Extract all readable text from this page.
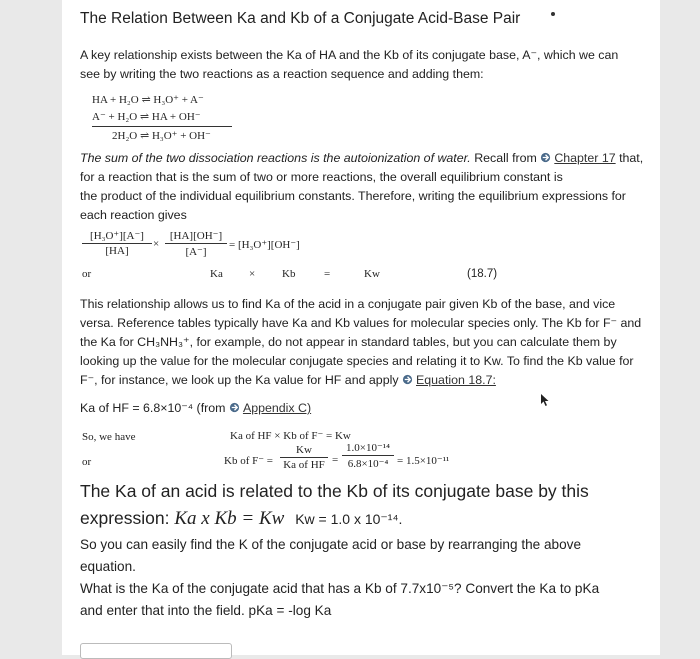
The Relation Between Ka and Kb of a Conjugate Acid-Base Pair
A key relationship exists between the Ka of HA and the Kb of its conjugate base, A⁻, which we can
see by writing the two reactions as a reaction sequence and adding them:
HA + H₂O ⇌ H₃O⁺ + A⁻
A⁻ + H₂O ⇌ HA + OH⁻
2H₂O ⇌ H₃O⁺ + OH⁻
The sum of the two dissociation reactions is the autoionization of water. Recall from Chapter 17 that,
for a reaction that is the sum of two or more reactions, the overall equilibrium constant is
the product of the individual equilibrium constants. Therefore, writing the equilibrium expressions for
each reaction gives
[H₃O⁺][A⁻]
[HA]
×
[HA][OH⁻]
[A⁻]
= [H₃O⁺][OH⁻]
or	Ka × Kb	=	Kw	(18.7)
This relationship allows us to find Ka of the acid in a conjugate pair given Kb of the base, and vice
versa. Reference tables typically have Ka and Kb values for molecular species only. The Kb for F⁻ and
the Ka for CH₃NH₃⁺, for example, do not appear in standard tables, but you can calculate them by
looking up the value for the molecular conjugate species and relating it to Kw. To find the Kb value for
F⁻, for instance, we look up the Ka value for HF and apply Equation 18.7:
Ka of HF = 6.8×10⁻⁴ (from Appendix C)
So, we have	Ka of HF × Kb of F⁻ = Kw
or	Kb of F⁻ =
Kw
Ka of HF =
1.0×10⁻¹⁴
6.8×10⁻⁴ = 1.5×10⁻¹¹
The Ka of an acid is related to the Kb of its conjugate base by this
expression: Ka x Kb = Kw Kw = 1.0 x 10⁻¹⁴.
So you can easily find the K of the conjugate acid or base by rearranging the above
equation.
What is the Ka of the conjugate acid that has a Kb of 7.7x10⁻⁵? Convert the Ka to pKa
and enter that into the field. pKa = -log Ka
